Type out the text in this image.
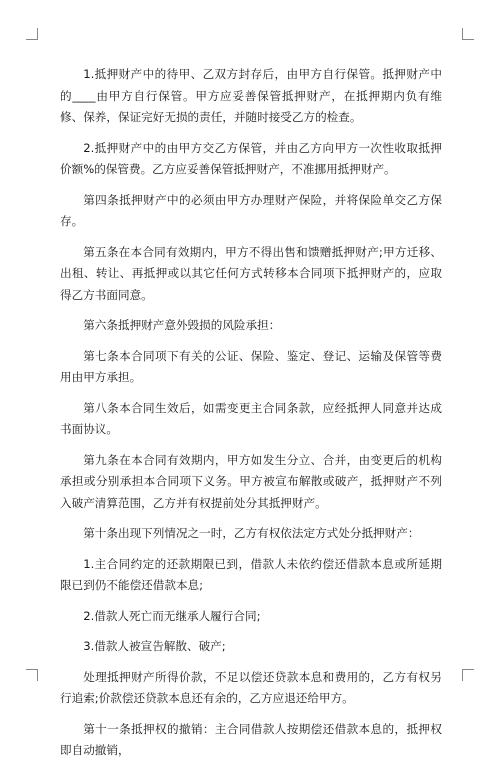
1.抵押财产中的待甲、乙双方封存后，由甲方自行保管。抵押财产中的____由甲方自行保管。甲方应妥善保管抵押财产，在抵押期内负有维修、保养，保证完好无损的责任，并随时接受乙方的检查。

2.抵押财产中的由甲方交乙方保管，并由乙方向甲方一次性收取抵押价额%的保管费。乙方应妥善保管抵押财产，不准挪用抵押财产。

第四条抵押财产中的必须由甲方办理财产保险，并将保险单交乙方保存。

第五条在本合同有效期内，甲方不得出售和馈赠抵押财产;甲方迁移、出租、转让、再抵押或以其它任何方式转移本合同项下抵押财产的，应取得乙方书面同意。

第六条抵押财产意外毁损的风险承担：

第七条本合同项下有关的公证、保险、鉴定、登记、运输及保管等费用由甲方承担。

第八条本合同生效后，如需变更主合同条款，应经抵押人同意并达成书面协议。

第九条在本合同有效期内，甲方如发生分立、合并，由变更后的机构承担或分别承担本合同项下义务。甲方被宣布解散或破产，抵押财产不列入破产清算范围，乙方并有权提前处分其抵押财产。

第十条出现下列情况之一时，乙方有权依法定方式处分抵押财产：

1.主合同约定的还款期限已到，借款人未依约偿还借款本息或所延期限已到仍不能偿还借款本息;

2.借款人死亡而无继承人履行合同;

3.借款人被宣告解散、破产;

处理抵押财产所得价款，不足以偿还贷款本息和费用的，乙方有权另行追索;价款偿还贷款本息还有余的，乙方应退还给甲方。

第十一条抵押权的撤销：主合同借款人按期偿还借款本息的，抵押权即自动撤销，
